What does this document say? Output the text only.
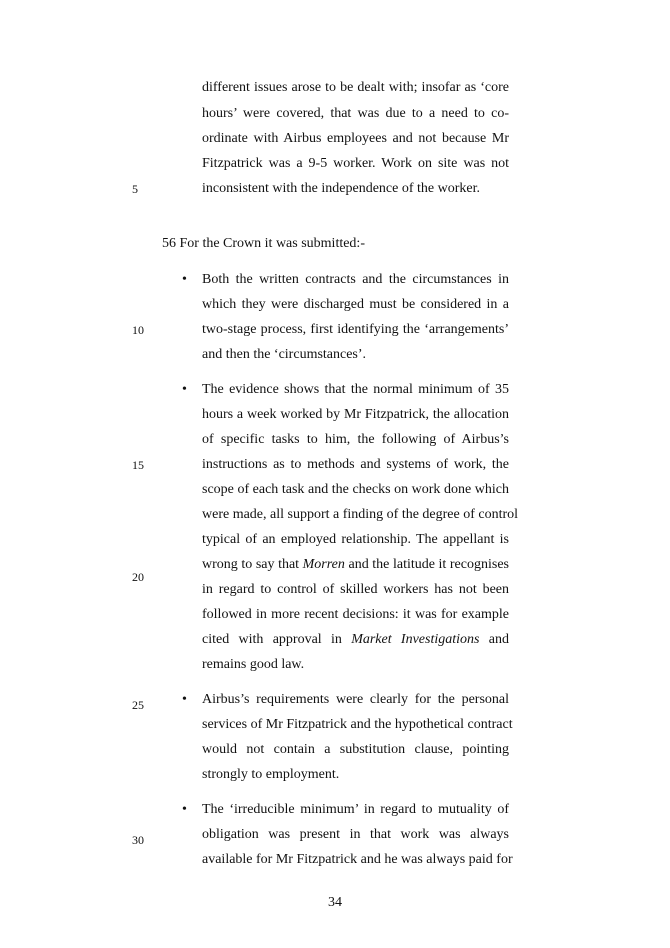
different issues arose to be dealt with; insofar as ‘core
hours’ were covered, that was due to a need to co-
ordinate with Airbus employees and not because Mr
Fitzpatrick was a 9-5 worker. Work on site was not
inconsistent with the independence of the worker.
56 For the Crown it was submitted:-
• Both the written contracts and the circumstances in
which they were discharged must be considered in a
two-stage process, first identifying the ‘arrangements’
and then the ‘circumstances’.
• The evidence shows that the normal minimum of 35
hours a week worked by Mr Fitzpatrick, the allocation
of specific tasks to him, the following of Airbus’s
instructions as to methods and systems of work, the
scope of each task and the checks on work done which
were made, all support a finding of the degree of control
typical of an employed relationship. The appellant is
wrong to say that Morren and the latitude it recognises
in regard to control of skilled workers has not been
followed in more recent decisions: it was for example
cited with approval in Market Investigations and
remains good law.
• Airbus’s requirements were clearly for the personal
services of Mr Fitzpatrick and the hypothetical contract
would not contain a substitution clause, pointing
strongly to employment.
• The ‘irreducible minimum’ in regard to mutuality of
obligation was present in that work was always
available for Mr Fitzpatrick and he was always paid for
5
10
15
20
25
30
34
